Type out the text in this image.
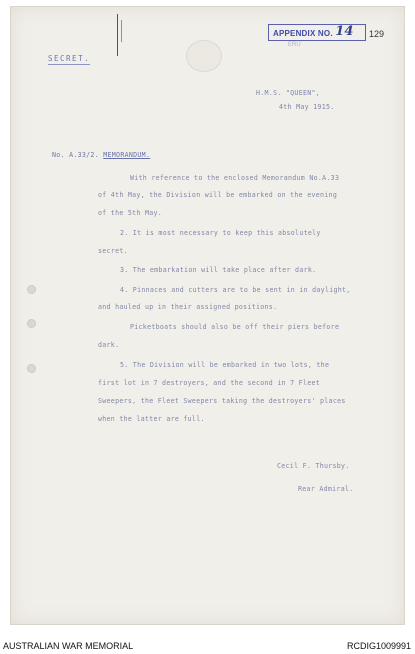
APPENDIX NO. 14
ERU
129
SECRET.
H.M.S. "QUEEN",
4th May 1915.
No. A.33/2. MEMORANDUM.
With reference to the enclosed Memorandum No.A.33
of 4th May, the Division will be embarked on the evening
of the 5th May.
2. It is most necessary to keep this absolutely
secret.
3. The embarkation will take place after dark.
4. Pinnaces and cutters are to be sent in in daylight,
and hauled up in their assigned positions.
Picketboats should also be off their piers before
dark.
5. The Division will be embarked in two lots, the
first lot in 7 destroyers, and the second in 7 Fleet
Sweepers, the Fleet Sweepers taking the destroyers' places
when the latter are full.
Cecil F. Thursby.
Rear Admiral.
AUSTRALIAN WAR MEMORIAL	RCDIG1009991
